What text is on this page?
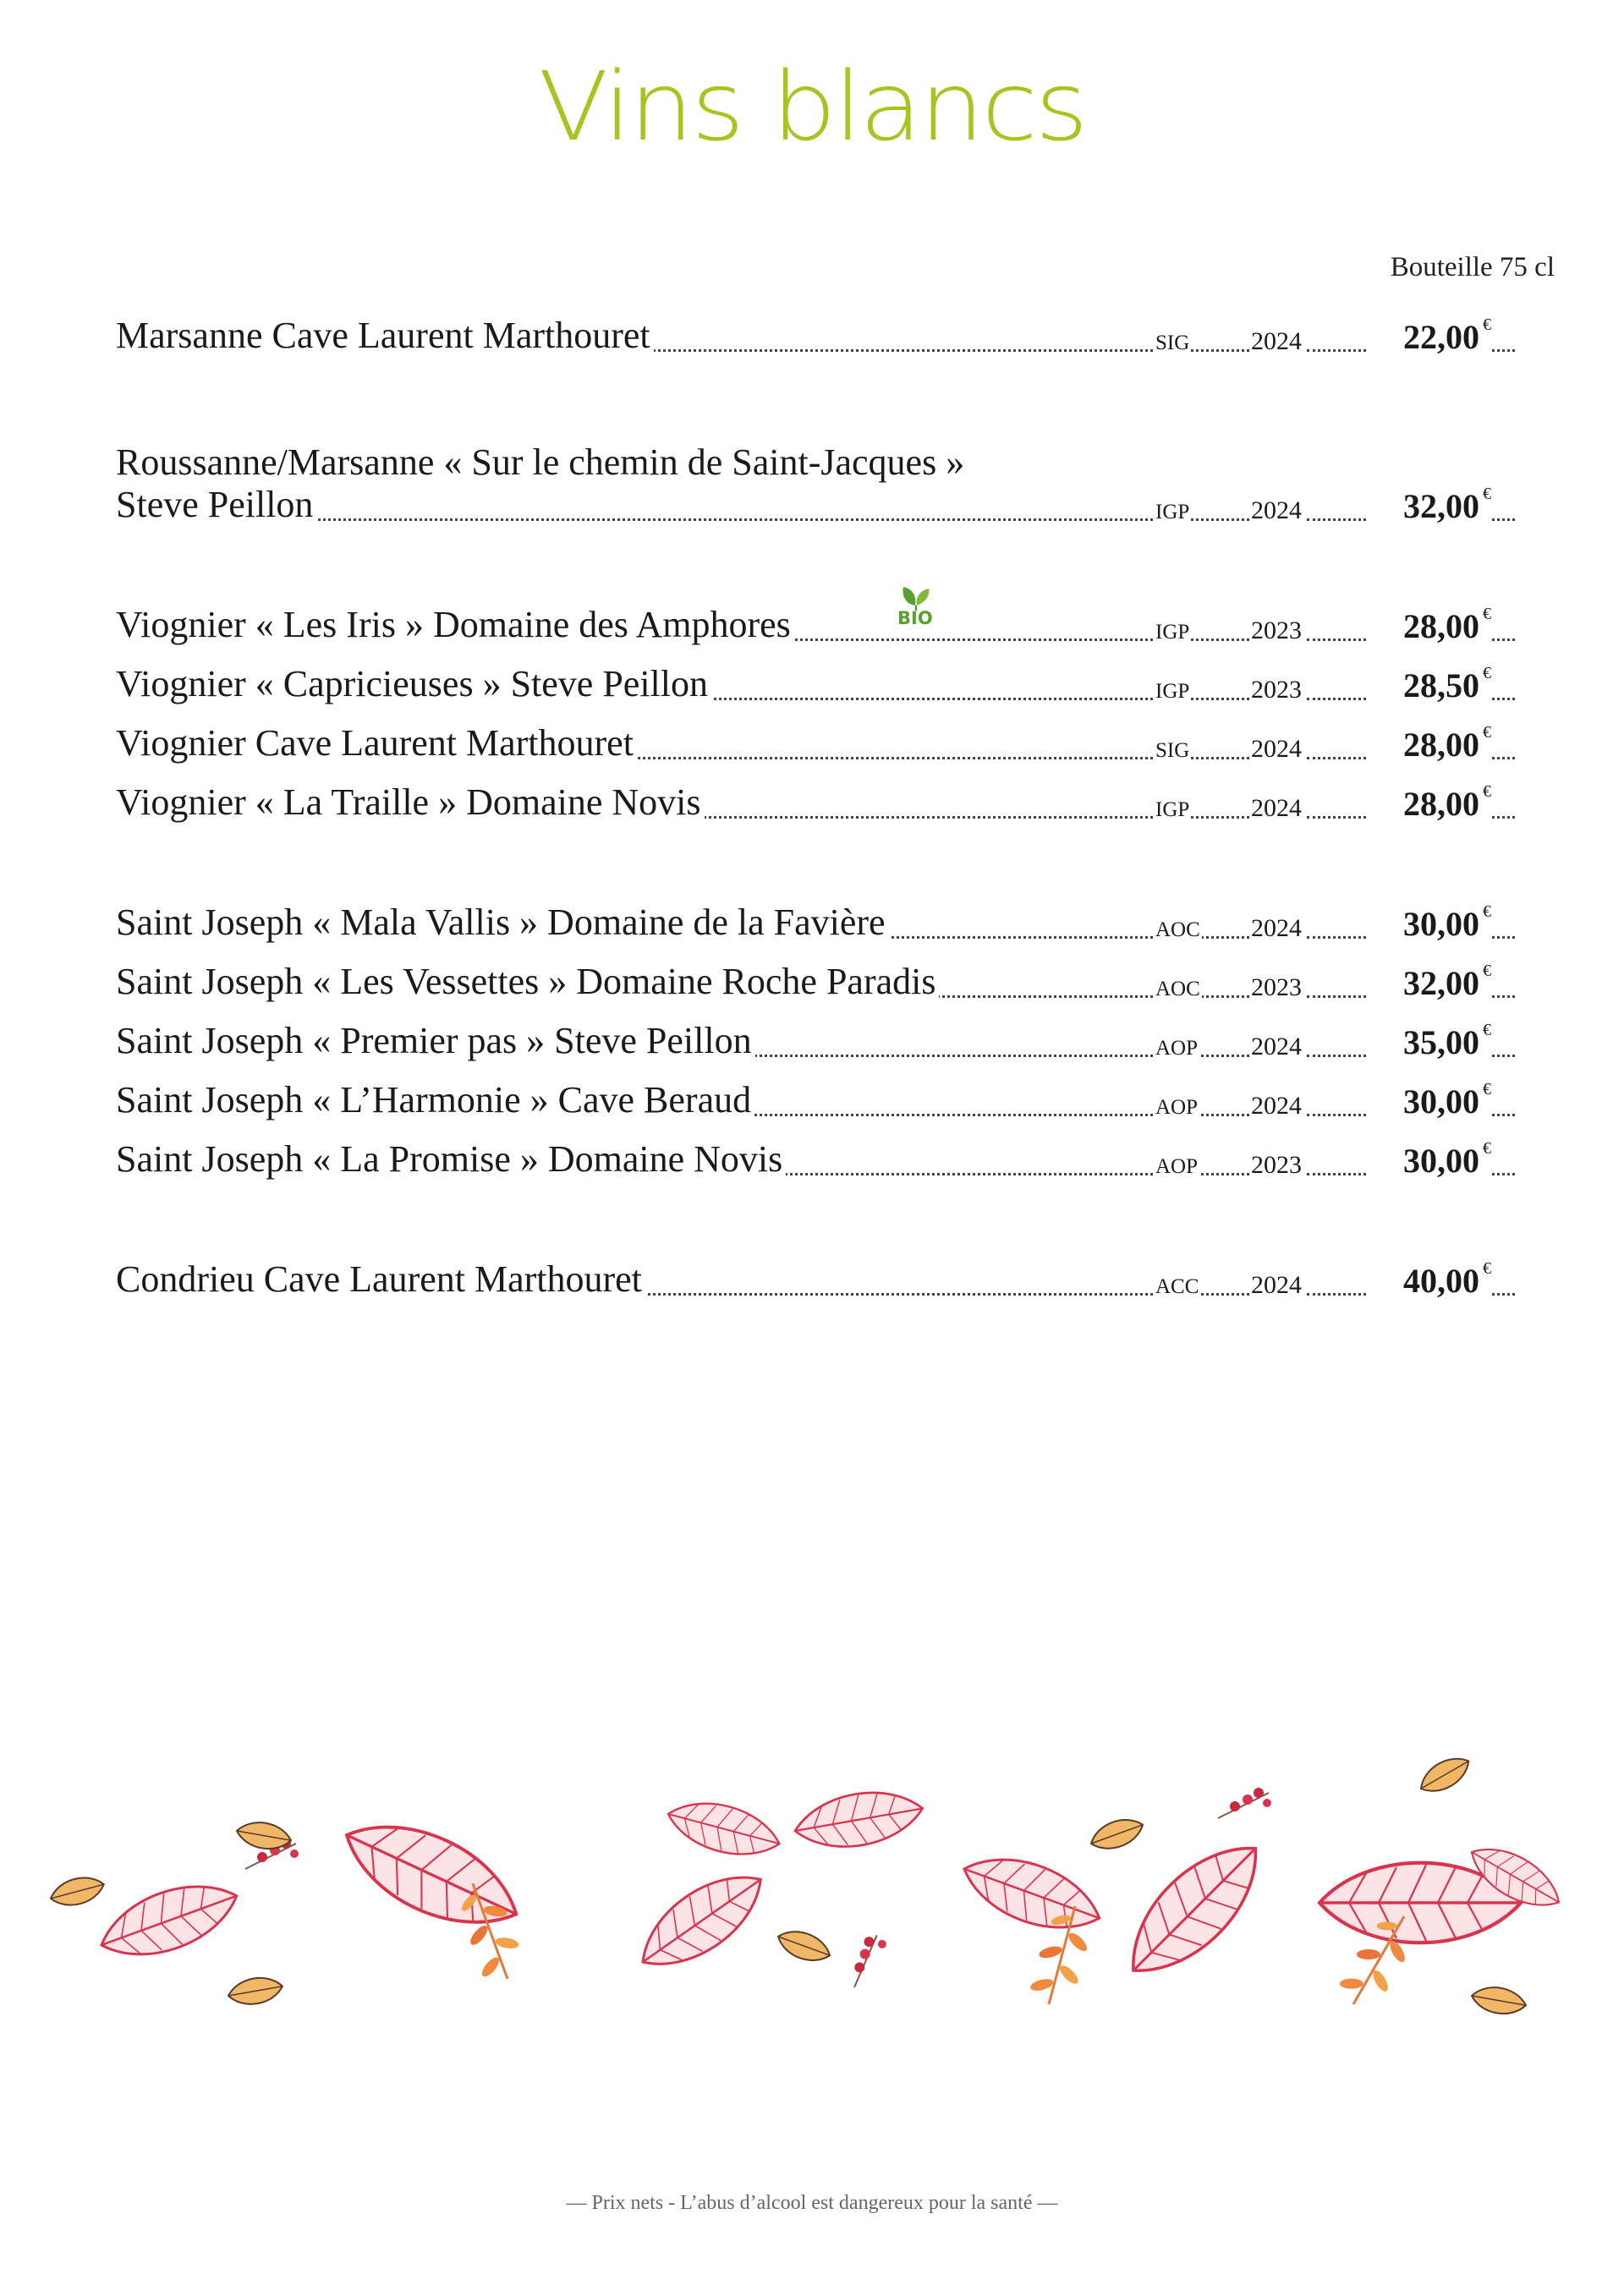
Vins blancs
Bouteille 75 cl
Marsanne Cave Laurent Marthouret	SIG 2024	22,00 €
Roussanne/Marsanne « Sur le chemin de Saint-Jacques »
Steve Peillon	IGP 2024	32,00 €
Viognier « Les Iris » Domaine des Amphores	IGP 2023	28,00 €
BIO
Viognier « Capricieuses » Steve Peillon	IGP 2023	28,50 €
Viognier Cave Laurent Marthouret	SIG 2024	28,00 €
Viognier « La Traille » Domaine Novis	IGP 2024	28,00 €
Saint Joseph « Mala Vallis » Domaine de la Favière	AOC 2024	30,00 €
Saint Joseph « Les Vessettes » Domaine Roche Paradis	AOC 2023	32,00 €
Saint Joseph « Premier pas » Steve Peillon	AOP 2024	35,00 €
Saint Joseph « L’Harmonie » Cave Beraud	AOP 2024	30,00 €
Saint Joseph « La Promise » Domaine Novis	AOP 2023	30,00 €
Condrieu Cave Laurent Marthouret	ACC 2024	40,00 €
— Prix nets - L’abus d’alcool est dangereux pour la santé —
